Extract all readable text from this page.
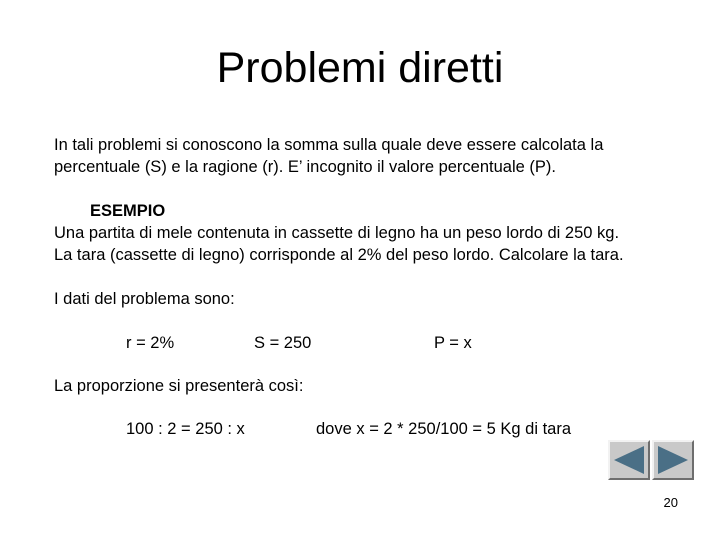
Problemi diretti
In tali problemi si conoscono la somma sulla quale deve essere calcolata la
percentuale (S) e la ragione (r). E’ incognito il valore percentuale (P).
ESEMPIO
Una partita di mele contenuta in cassette di legno ha un peso lordo di 250 kg.
La tara (cassette di legno) corrisponde al 2% del peso lordo. Calcolare la tara.
I dati del problema sono:
r = 2%	S = 250	P = x
La proporzione si presenterà così:
100 : 2 = 250 : x	dove x = 2 * 250/100 = 5 Kg di tara
20
